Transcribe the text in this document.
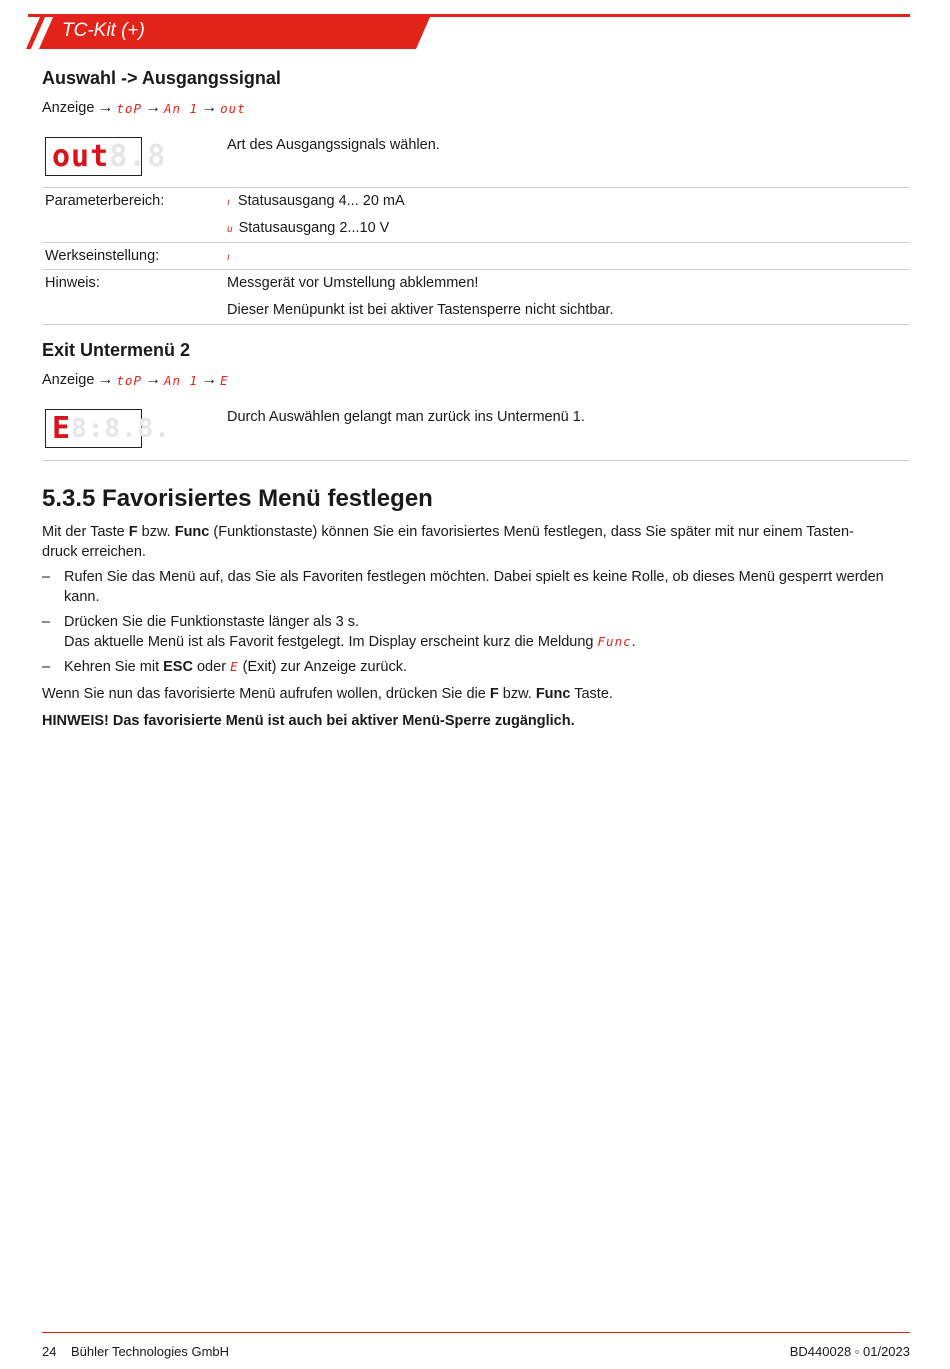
TC-Kit (+)
Auswahl -> Ausgangssignal
Anzeige → toP → An 1 → out
out 8.8	Art des Ausgangssignals wählen.
Parameterbereich:	ı Statusausgang 4... 20 mA
u Statusausgang 2...10 V
Werkseinstellung:	ı
Hinweis:	Messgerät vor Umstellung abklemmen!
Dieser Menüpunkt ist bei aktiver Tastensperre nicht sichtbar.
Exit Untermenü 2
Anzeige → toP → An 1 → E
E 8:8.8.	Durch Auswählen gelangt man zurück ins Untermenü 1.
5.3.5 Favorisiertes Menü festlegen
Mit der Taste F bzw. Func (Funktionstaste) können Sie ein favorisiertes Menü festlegen, dass Sie später mit nur einem Tasten-
druck erreichen.
– Rufen Sie das Menü auf, das Sie als Favoriten festlegen möchten. Dabei spielt es keine Rolle, ob dieses Menü gesperrt werden
kann.
– Drücken Sie die Funktionstaste länger als 3 s.
Das aktuelle Menü ist als Favorit festgelegt. Im Display erscheint kurz die Meldung Func.
– Kehren Sie mit ESC oder E (Exit) zur Anzeige zurück.
Wenn Sie nun das favorisierte Menü aufrufen wollen, drücken Sie die F bzw. Func Taste.
HINWEIS! Das favorisierte Menü ist auch bei aktiver Menü-Sperre zugänglich.
24 Bühler Technologies GmbH	BD440028 ◦ 01/2023
